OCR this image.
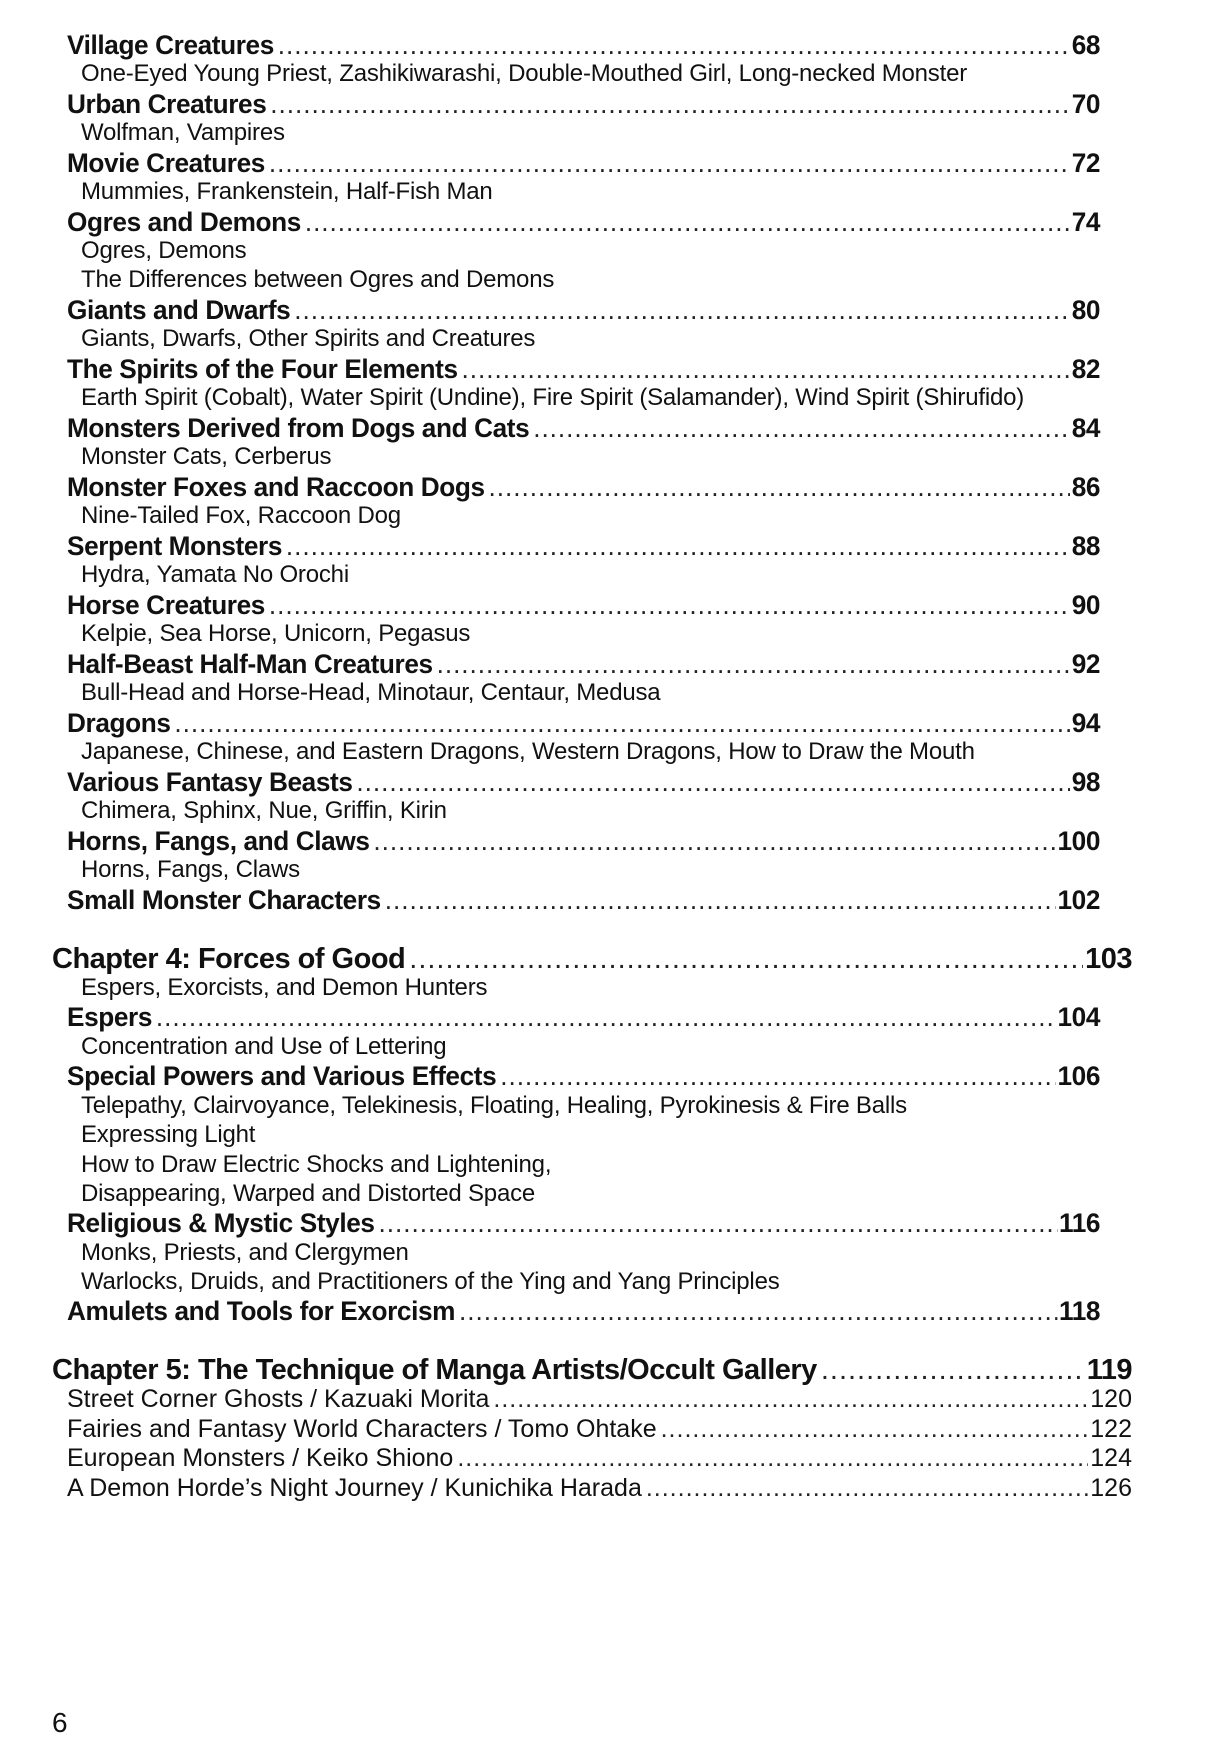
Village Creatures .....	68
One-Eyed Young Priest, Zashikiwarashi, Double-Mouthed Girl, Long-necked Monster
Urban Creatures .....	70
Wolfman, Vampires
Movie Creatures .....	72
Mummies, Frankenstein, Half-Fish Man
Ogres and Demons .....	74
Ogres, Demons
The Differences between Ogres and Demons
Giants and Dwarfs .....	80
Giants, Dwarfs, Other Spirits and Creatures
The Spirits of the Four Elements .....	82
Earth Spirit (Cobalt), Water Spirit (Undine), Fire Spirit (Salamander), Wind Spirit (Shirufido)
Monsters Derived from Dogs and Cats .....	84
Monster Cats, Cerberus
Monster Foxes and Raccoon Dogs .....	86
Nine-Tailed Fox, Raccoon Dog
Serpent Monsters .....	88
Hydra, Yamata No Orochi
Horse Creatures .....	90
Kelpie, Sea Horse, Unicorn, Pegasus
Half-Beast Half-Man Creatures .....	92
Bull-Head and Horse-Head, Minotaur, Centaur, Medusa
Dragons .....	94
Japanese, Chinese, and Eastern Dragons, Western Dragons, How to Draw the Mouth
Various Fantasy Beasts .....	98
Chimera, Sphinx, Nue, Griffin, Kirin
Horns, Fangs, and Claws .....	100
Horns, Fangs, Claws
Small Monster Characters .....	102
Chapter 4: Forces of Good .....	103
Espers, Exorcists, and Demon Hunters
Espers .....	104
Concentration and Use of Lettering
Special Powers and Various Effects .....	106
Telepathy, Clairvoyance, Telekinesis, Floating, Healing, Pyrokinesis & Fire Balls
Expressing Light
How to Draw Electric Shocks and Lightening,
Disappearing, Warped and Distorted Space
Religious & Mystic Styles .....	116
Monks, Priests, and Clergymen
Warlocks, Druids, and Practitioners of the Ying and Yang Principles
Amulets and Tools for Exorcism .....	118
Chapter 5: The Technique of Manga Artists/Occult Gallery .....	119
Street Corner Ghosts / Kazuaki Morita .....	120
Fairies and Fantasy World Characters / Tomo Ohtake .....	122
European Monsters / Keiko Shiono .....	124
A Demon Horde’s Night Journey / Kunichika Harada .....	126
6
